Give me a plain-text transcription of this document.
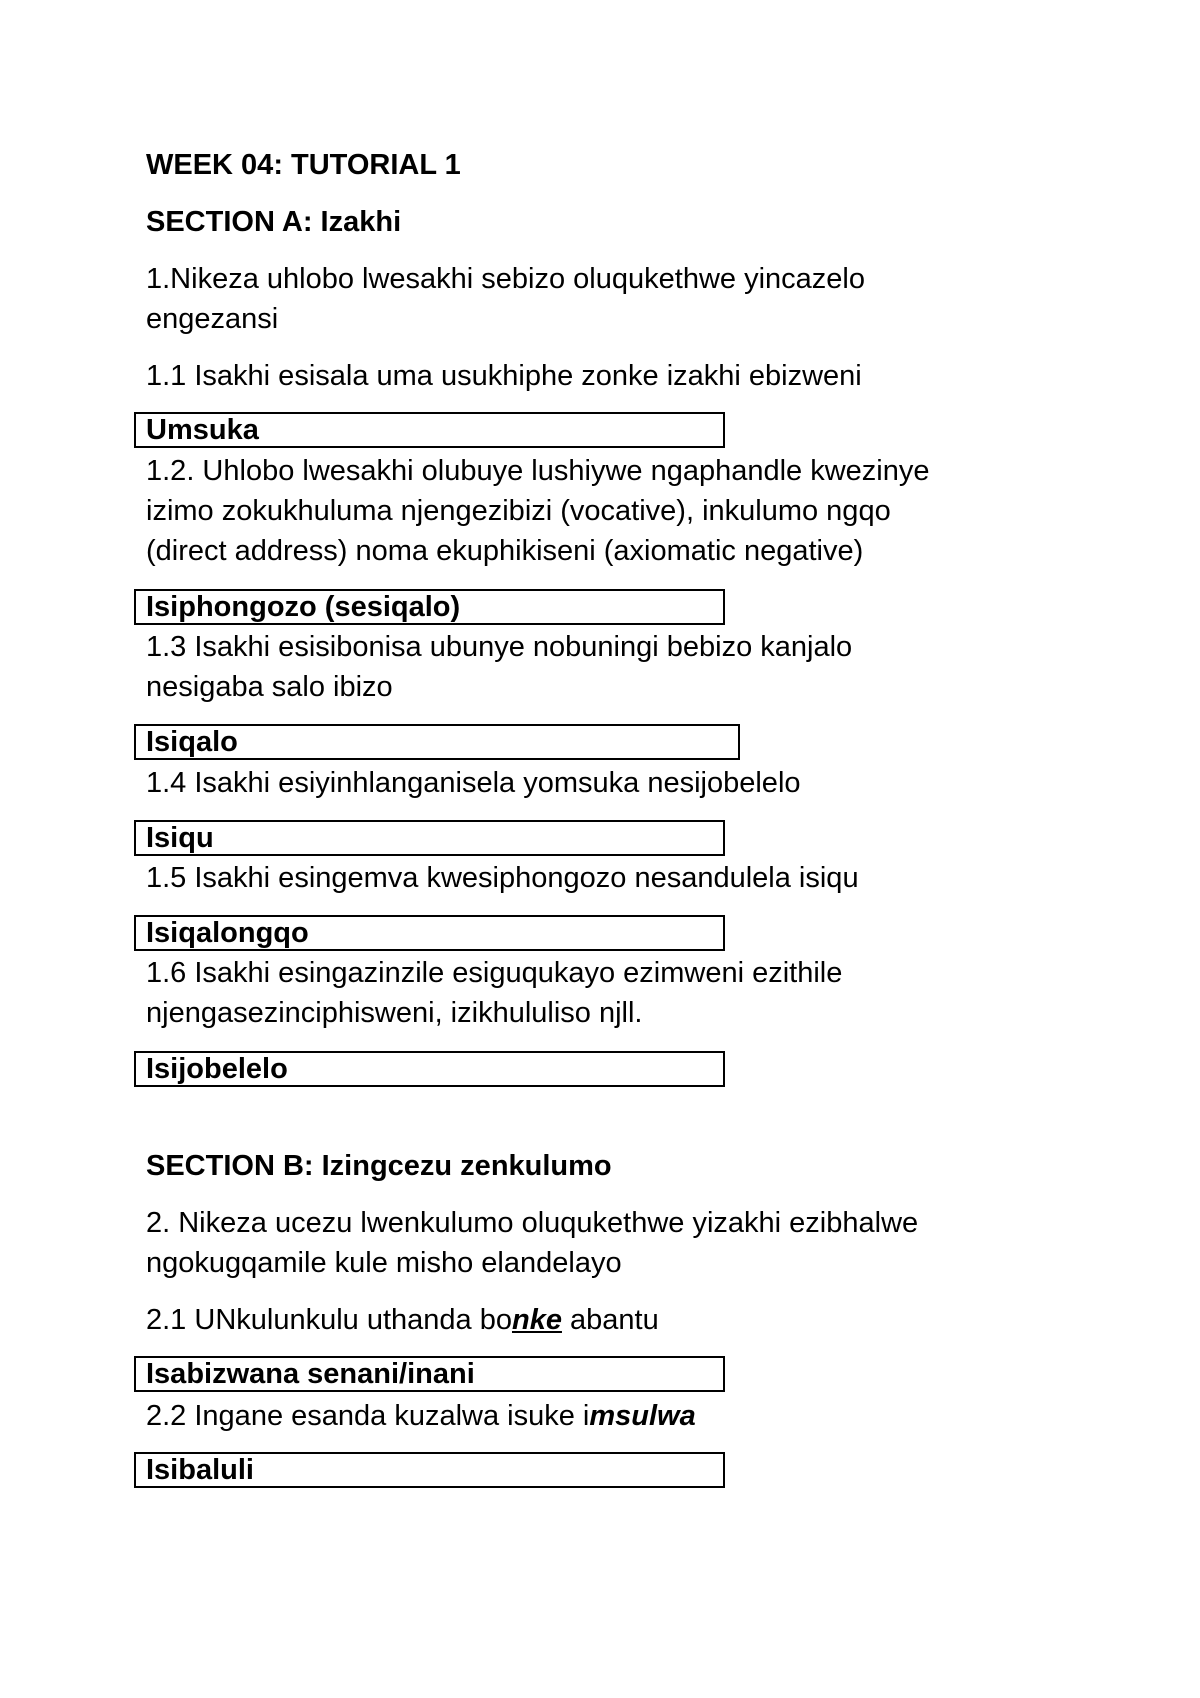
WEEK 04: TUTORIAL 1
SECTION A: Izakhi
1.Nikeza uhlobo lwesakhi sebizo oluqukethwe yincazelo
engezansi
1.1 Isakhi esisala uma usukhiphe zonke izakhi ebizweni
Umsuka
1.2. Uhlobo lwesakhi olubuye lushiywe ngaphandle kwezinye
izimo zokukhuluma njengezibizi (vocative), inkulumo ngqo
(direct address) noma ekuphikiseni (axiomatic negative)
Isiphongozo (sesiqalo)
1.3 Isakhi esisibonisa ubunye nobuningi bebizo kanjalo
nesigaba salo ibizo
Isiqalo
1.4 Isakhi esiyinhlanganisela yomsuka nesijobelelo
Isiqu
1.5 Isakhi esingemva kwesiphongozo nesandulela isiqu
Isiqalongqo
1.6 Isakhi esingazinzile esiguqukayo ezimweni ezithile
njengasezinciphisweni, izikhululiso njll.
Isijobelelo
SECTION B: Izingcezu zenkulumo
2. Nikeza ucezu lwenkulumo oluqukethwe yizakhi ezibhalwe
ngokugqamile kule misho elandelayo
2.1 UNkulunkulu uthanda bonke abantu
Isabizwana senani/inani
2.2 Ingane esanda kuzalwa isuke imsulwa
Isibaluli
